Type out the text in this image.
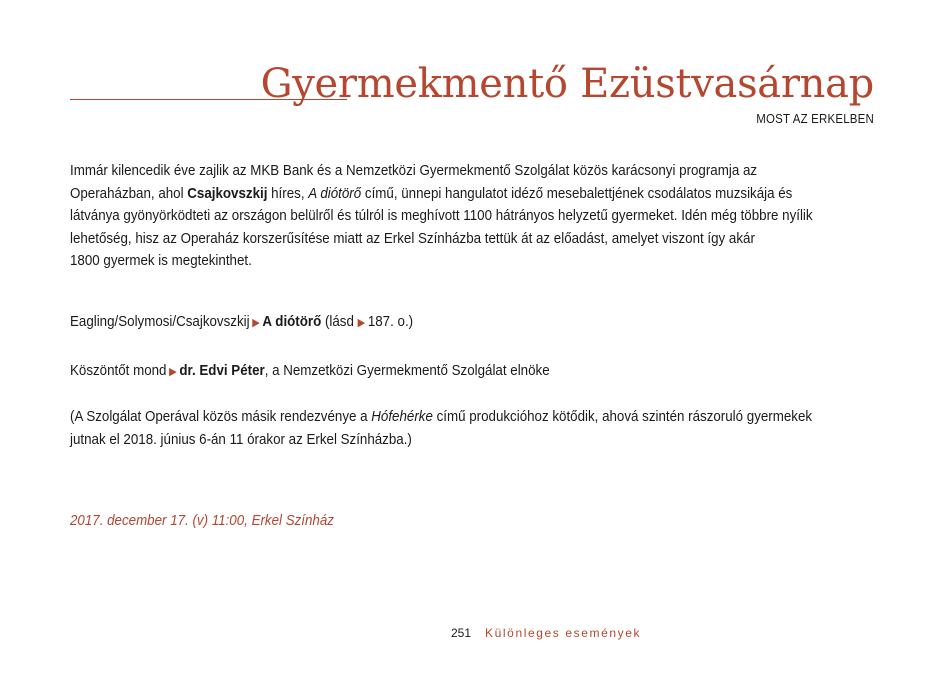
Gyermekmentő Ezüstvasárnap
MOST AZ ERKELBEN
Immár kilencedik éve zajlik az MKB Bank és a Nemzetközi Gyermekmentő Szolgálat közös karácsonyi programja az
Operaházban, ahol Csajkovszkij híres, A diótörő című, ünnepi hangulatot idéző mesebalettjének csodálatos muzsikája és
látványa gyönyörködteti az országon belülről és túlról is meghívott 1100 hátrányos helyzetű gyermeket. Idén még többre nyílik
lehetőség, hisz az Operaház korszerűsítése miatt az Erkel Színházba tettük át az előadást, amelyet viszont így akár
1800 gyermek is megtekinthet.
Eagling/Solymosi/Csajkovszkij ▶ A diótörő (lásd ▶ 187. o.)
Köszöntőt mond ▶ dr. Edvi Péter, a Nemzetközi Gyermekmentő Szolgálat elnöke
(A Szolgálat Operával közös másik rendezvénye a Hófehérke című produkcióhoz kötődik, ahová szintén rászoruló gyermekek
jutnak el 2018. június 6-án 11 órakor az Erkel Színházba.)
2017. december 17. (v) 11:00, Erkel Színház
251 Különleges események
